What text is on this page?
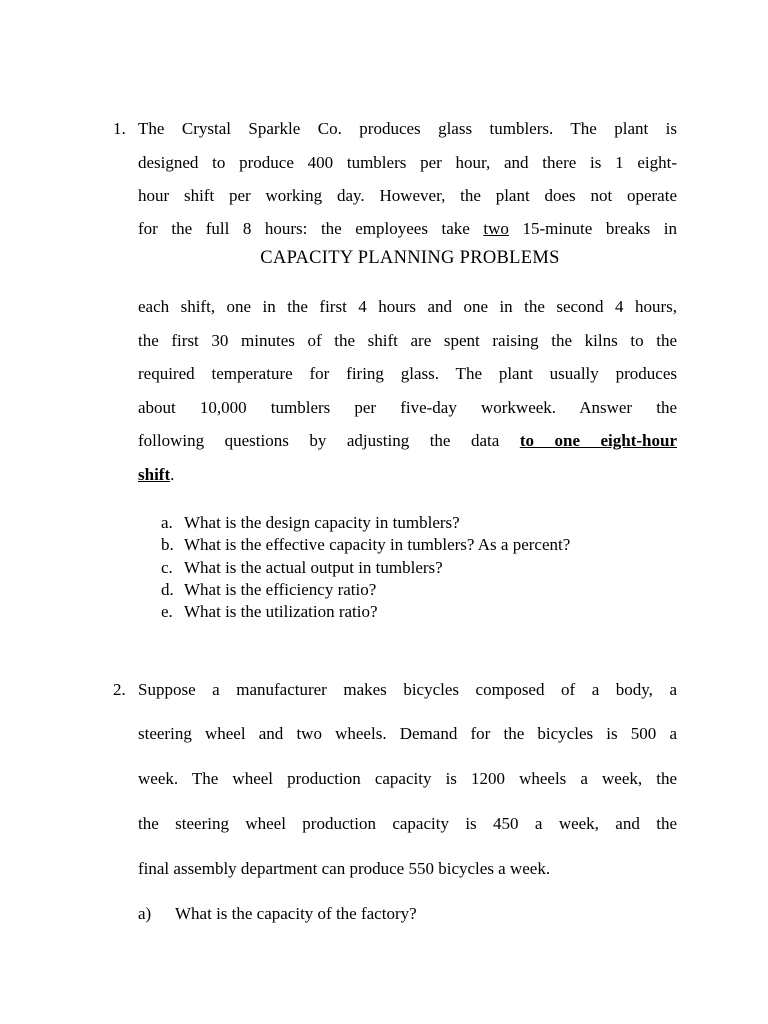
1. The Crystal Sparkle Co. produces glass tumblers. The plant is
designed to produce 400 tumblers per hour, and there is 1 eight-
hour shift per working day. However, the plant does not operate
for the full 8 hours: the employees take two 15-minute breaks in
CAPACITY PLANNING PROBLEMS
each shift, one in the first 4 hours and one in the second 4 hours,
the first 30 minutes of the shift are spent raising the kilns to the
required temperature for firing glass. The plant usually produces
about 10,000 tumblers per five-day workweek. Answer the
following questions by adjusting the data to one eight-hour
shift.
a. What is the design capacity in tumblers?
b. What is the effective capacity in tumblers? As a percent?
c. What is the actual output in tumblers?
d. What is the efficiency ratio?
e. What is the utilization ratio?
2. Suppose a manufacturer makes bicycles composed of a body, a
steering wheel and two wheels. Demand for the bicycles is 500 a
week. The wheel production capacity is 1200 wheels a week, the
the steering wheel production capacity is 450 a week, and the
final assembly department can produce 550 bicycles a week.
a) What is the capacity of the factory?
